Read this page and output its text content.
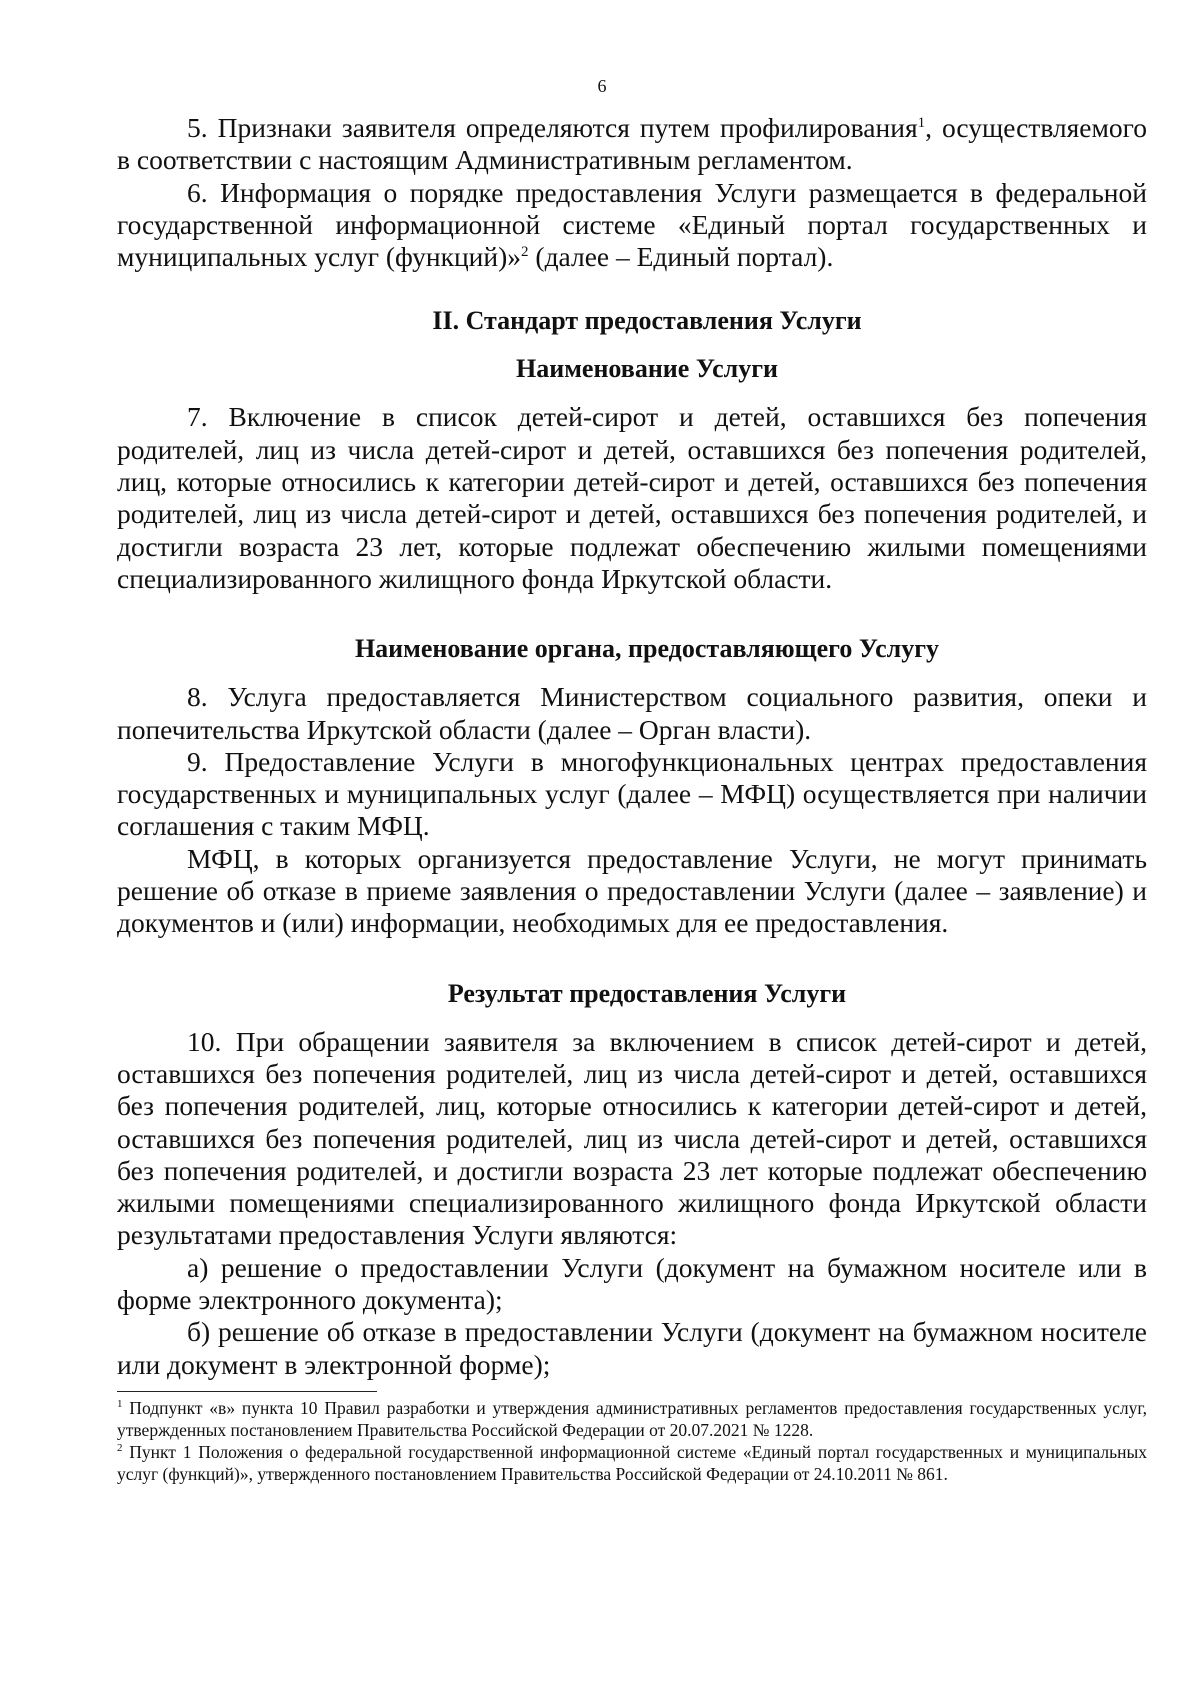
6

5. Признаки заявителя определяются путем профилирования$^1$, осуществляемого в соответствии с настоящим Административным регламентом.

6. Информация о порядке предоставления Услуги размещается в федеральной государственной информационной системе «Единый портал государственных и муниципальных услуг (функций)»$^2$ (далее – Единый портал).

II. Стандарт предоставления Услуги
Наименование Услуги

7. Включение в список детей-сирот и детей, оставшихся без попечения родителей, лиц из числа детей-сирот и детей, оставшихся без попечения родителей, лиц, которые относились к категории детей-сирот и детей, оставшихся без попечения родителей, лиц из числа детей-сирот и детей, оставшихся без попечения родителей, и достигли возраста 23 лет, которые подлежат обеспечению жилыми помещениями специализированного жилищного фонда Иркутской области.

Наименование органа, предоставляющего Услугу

8. Услуга предоставляется Министерством социального развития, опеки и попечительства Иркутской области (далее – Орган власти).

9. Предоставление Услуги в многофункциональных центрах предоставления государственных и муниципальных услуг (далее – МФЦ) осуществляется при наличии соглашения с таким МФЦ.

МФЦ, в которых организуется предоставление Услуги, не могут принимать решение об отказе в приеме заявления о предоставлении Услуги (далее – заявление) и документов и (или) информации, необходимых для ее предоставления.

Результат предоставления Услуги

10. При обращении заявителя за включением в список детей-сирот и детей, оставшихся без попечения родителей, лиц из числа детей-сирот и детей, оставшихся без попечения родителей, лиц, которые относились к категории детей-сирот и детей, оставшихся без попечения родителей, лиц из числа детей-сирот и детей, оставшихся без попечения родителей, и достигли возраста 23 лет которые подлежат обеспечению жилыми помещениями специализированного жилищного фонда Иркутской области результатами предоставления Услуги являются:

а) решение о предоставлении Услуги (документ на бумажном носителе или в форме электронного документа);

б) решение об отказе в предоставлении Услуги (документ на бумажном носителе или документ в электронной форме);

$^1$ Подпункт «в» пункта 10 Правил разработки и утверждения административных регламентов предоставления государственных услуг, утвержденных постановлением Правительства Российской Федерации от 20.07.2021 № 1228.

$^2$ Пункт 1 Положения о федеральной государственной информационной системе «Единый портал государственных и муниципальных услуг (функций)», утвержденного постановлением Правительства Российской Федерации от 24.10.2011 № 861.
